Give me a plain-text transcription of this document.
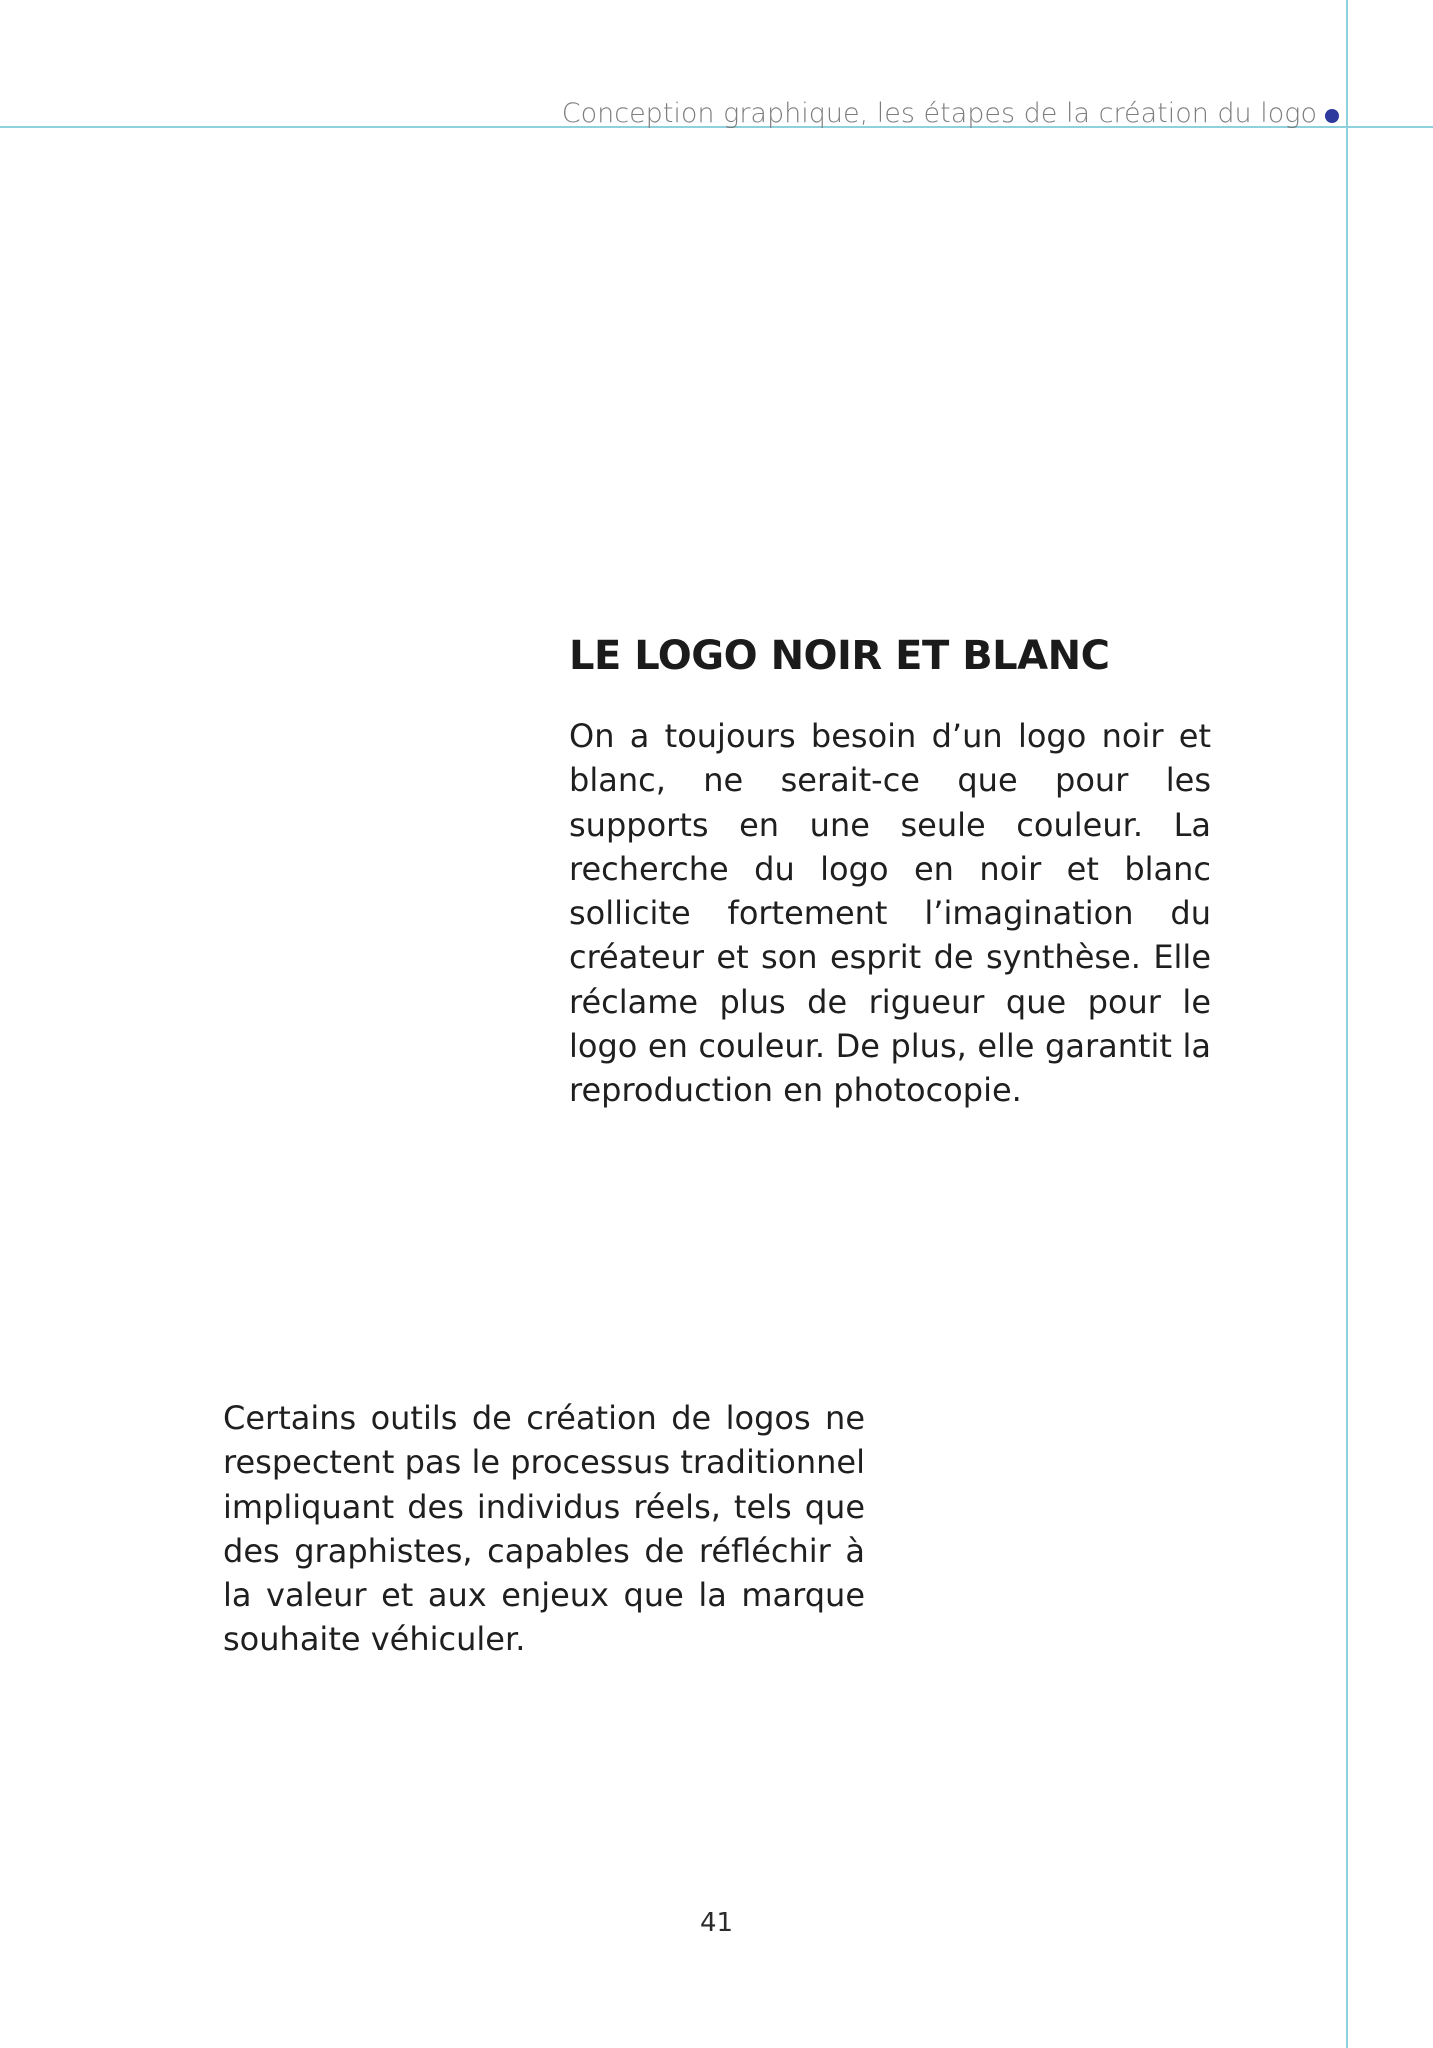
Conception graphique, les étapes de la création du logo
LE LOGO NOIR ET BLANC

On a toujours besoin d’un logo noir et blanc, ne serait-ce que pour les supports en une seule couleur. La recherche du logo en noir et blanc sollicite fortement l’imagination du créateur et son esprit de synthèse. Elle réclame plus de rigueur que pour le logo en couleur. De plus, elle garantit la reproduction en photocopie.

Certains outils de création de logos ne respectent pas le processus traditionnel impliquant des individus réels, tels que des graphistes, capables de réfléchir à la valeur et aux enjeux que la marque souhaite véhiculer.

41
